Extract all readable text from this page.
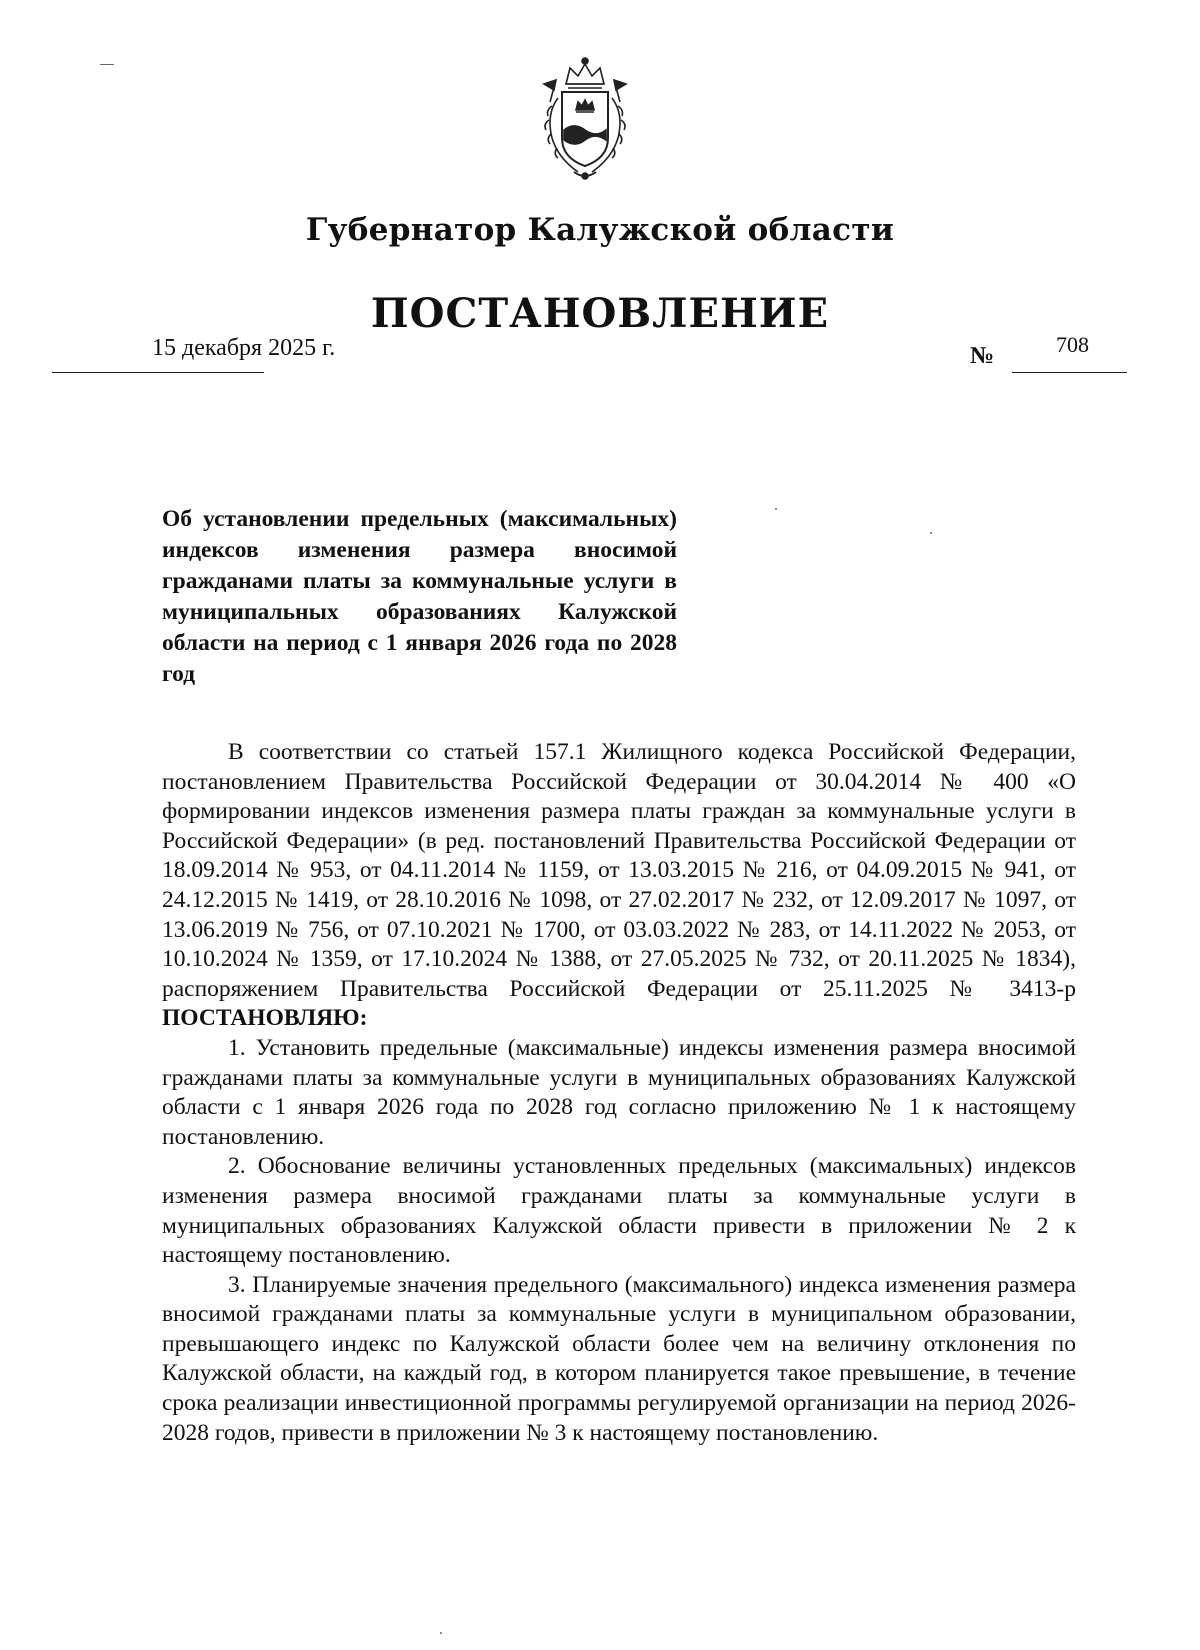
Губернатор Калужской области
ПОСТАНОВЛЕНИЕ
15 декабря 2025 г.	№	708
Об установлении предельных (максимальных) индексов изменения размера вносимой гражданами платы за коммунальные услуги в муниципальных образованиях Калужской области на период с 1 января 2026 года по 2028 год

В соответствии со статьей 157.1 Жилищного кодекса Российской Федерации, постановлением Правительства Российской Федерации от 30.04.2014 № 400 «О формировании индексов изменения размера платы граждан за коммунальные услуги в Российской Федерации» (в ред. постановлений Правительства Российской Федерации от 18.09.2014 № 953, от 04.11.2014 № 1159, от 13.03.2015 № 216, от 04.09.2015 № 941, от 24.12.2015 № 1419, от 28.10.2016 № 1098, от 27.02.2017 № 232, от 12.09.2017 № 1097, от 13.06.2019 № 756, от 07.10.2021 № 1700, от 03.03.2022 № 283, от 14.11.2022 № 2053, от 10.10.2024 № 1359, от 17.10.2024 № 1388, от 27.05.2025 № 732, от 20.11.2025 № 1834), распоряжением Правительства Российской Федерации от 25.11.2025 № 3413-р ПОСТАНОВЛЯЮ:

1. Установить предельные (максимальные) индексы изменения размера вносимой гражданами платы за коммунальные услуги в муниципальных образованиях Калужской области с 1 января 2026 года по 2028 год согласно приложению № 1 к настоящему постановлению.

2. Обоснование величины установленных предельных (максимальных) индексов изменения размера вносимой гражданами платы за коммунальные услуги в муниципальных образованиях Калужской области привести в приложении № 2 к настоящему постановлению.

3. Планируемые значения предельного (максимального) индекса изменения размера вносимой гражданами платы за коммунальные услуги в муниципальном образовании, превышающего индекс по Калужской области более чем на величину отклонения по Калужской области, на каждый год, в котором планируется такое превышение, в течение срока реализации инвестиционной программы регулируемой организации на период 2026-2028 годов, привести в приложении № 3 к настоящему постановлению.
